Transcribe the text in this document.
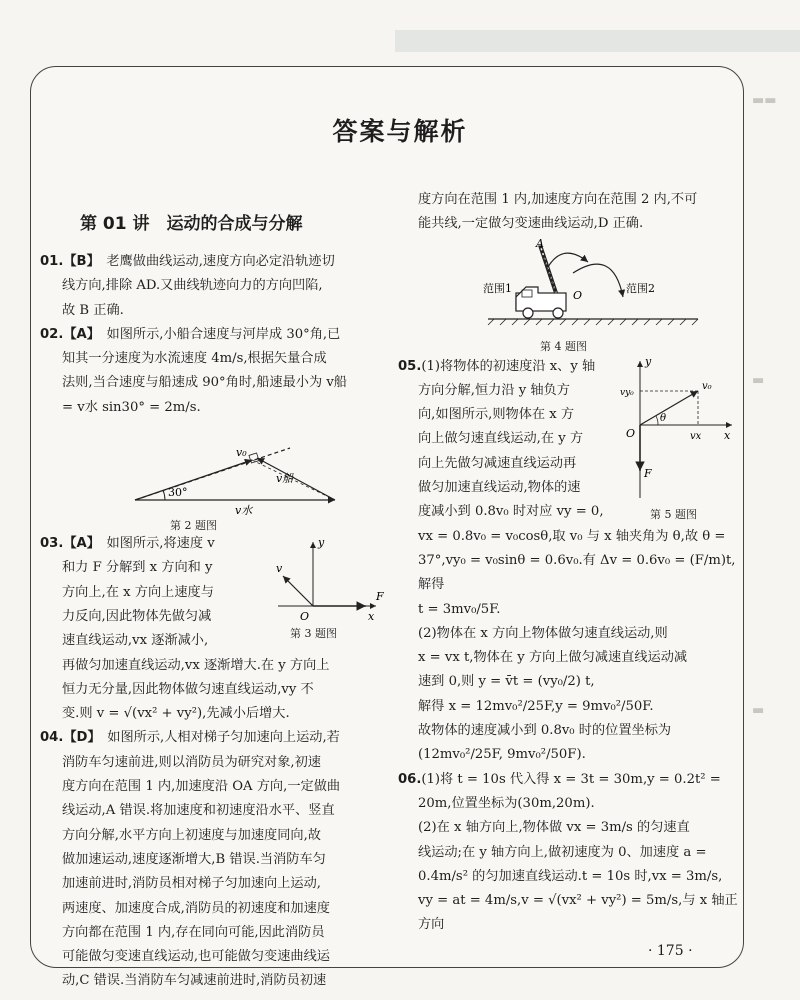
▬▬
▬
▬
答案与解析
第 01 讲　运动的合成与分解

01.【B】　老鹰做曲线运动,速度方向必定沿轨迹切

线方向,排除 AD.又曲线轨迹向力的方向凹陷,

故 B 正确.

02.【A】　如图所示,小船合速度与河岸成 30°角,已

知其一分速度为水流速度 4m/s,根据矢量合成

法则,当合速度与船速成 90°角时,船速最小为 v船

= v水 sin30° = 2m/s.

30°
v₀
v船
v水
第 2 题图

03.【A】　如图所示,将速度 v

和力 F 分解到 x 方向和 y

方向上,在 x 方向上速度与

力反向,因此物体先做匀减

速直线运动,vx 逐渐减小,

再做匀加速直线运动,vx 逐渐增大.在 y 方向上

恒力无分量,因此物体做匀速直线运动,vy 不

变.则 v = √(vx² + vy²),先减小后增大.

v
y
O	x
F
第 3 题图

04.【D】　如图所示,人相对梯子匀加速向上运动,若

消防车匀速前进,则以消防员为研究对象,初速

度方向在范围 1 内,加速度沿 OA 方向,一定做曲

线运动,A 错误.将加速度和初速度沿水平、竖直

方向分解,水平方向上初速度与加速度同向,故

做加速运动,速度逐渐增大,B 错误.当消防车匀

加速前进时,消防员相对梯子匀加速向上运动,

两速度、加速度合成,消防员的初速度和加速度

方向都在范围 1 内,存在同向可能,因此消防员

可能做匀变速直线运动,也可能做匀变速曲线运

动,C 错误.当消防车匀减速前进时,消防员初速

度方向在范围 1 内,加速度方向在范围 2 内,不可

能共线,一定做匀变速曲线运动,D 正确.

A
O
范围1	范围2
第 4 题图

05.(1)将物体的初速度沿 x、y 轴

方向分解,恒力沿 y 轴负方

向,如图所示,则物体在 x 方

向上做匀速直线运动,在 y 方

向上先做匀减速直线运动再

做匀加速直线运动,物体的速

度减小到 0.8v₀ 时对应 vy = 0,

vx = 0.8v₀ = v₀cosθ,取 v₀ 与 x 轴夹角为 θ,故 θ =

37°,vy₀ = v₀sinθ = 0.6v₀.有 Δv = 0.6v₀ = (F/m)t,解得

t = 3mv₀/5F.

(2)物体在 x 方向上物体做匀速直线运动,则

x = vx t,物体在 y 方向上做匀减速直线运动减

速到 0,则 y = v̄t = (vy₀/2) t,

解得 x = 12mv₀²/25F,y = 9mv₀²/50F.

故物体的速度减小到 0.8v₀ 时的位置坐标为

(12mv₀²/25F, 9mv₀²/50F).

y
vy₀
v₀
O
θ
vx x
F
第 5 题图

06.(1)将 t = 10s 代入得 x = 3t = 30m,y = 0.2t² =

20m,位置坐标为(30m,20m).

(2)在 x 轴方向上,物体做 vx = 3m/s 的匀速直

线运动;在 y 轴方向上,做初速度为 0、加速度 a =

0.4m/s² 的匀加速直线运动.t = 10s 时,vx = 3m/s,

vy = at = 4m/s,v = √(vx² + vy²) = 5m/s,与 x 轴正方向

· 175 ·
